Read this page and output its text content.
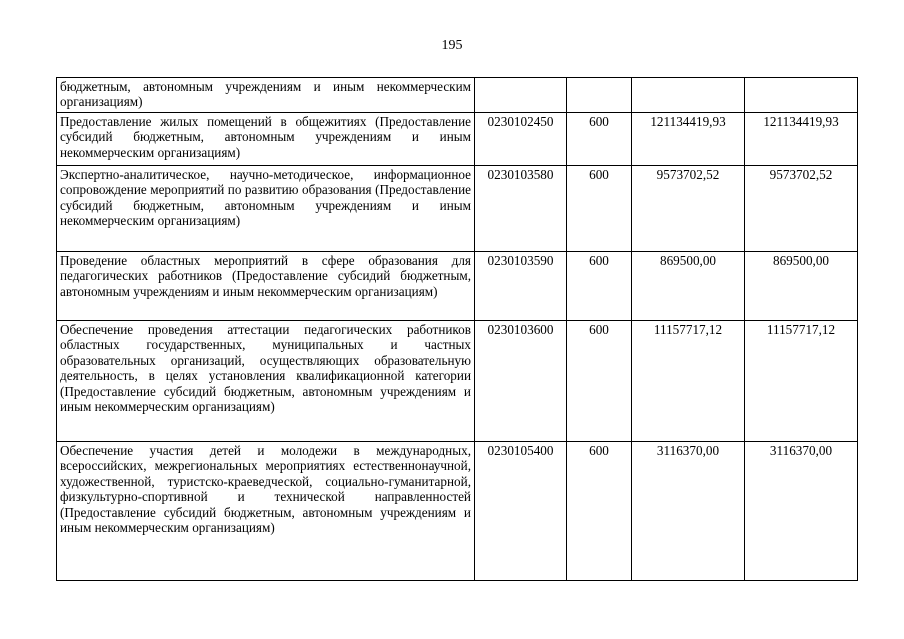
195
бюджетным, автономным учреждениям и иным некоммерческим организациям)				
Предоставление жилых помещений в общежитиях (Предоставление субсидий бюджетным, автономным учреждениям и иным некоммерческим организациям)	0230102450	600	121134419,93	121134419,93
Экспертно-аналитическое, научно-методическое, информационное сопровождение мероприятий по развитию образования (Предоставление субсидий бюджетным, автономным учреждениям и иным некоммерческим организациям)	0230103580	600	9573702,52	9573702,52
Проведение областных мероприятий в сфере образования для педагогических работников (Предоставление субсидий бюджетным, автономным учреждениям и иным некоммерческим организациям)	0230103590	600	869500,00	869500,00
Обеспечение проведения аттестации педагогических работников областных государственных, муниципальных и частных образовательных организаций, осуществляющих образовательную деятельность, в целях установления квалификационной категории (Предоставление субсидий бюджетным, автономным учреждениям и иным некоммерческим организациям)	0230103600	600	11157717,12	11157717,12
Обеспечение участия детей и молодежи в международных, всероссийских, межрегиональных мероприятиях естественнонаучной, художественной, туристско-краеведческой, социально-гуманитарной, физкультурно-спортивной и технической направленностей (Предоставление субсидий бюджетным, автономным учреждениям и иным некоммерческим организациям)	0230105400	600	3116370,00	3116370,00
